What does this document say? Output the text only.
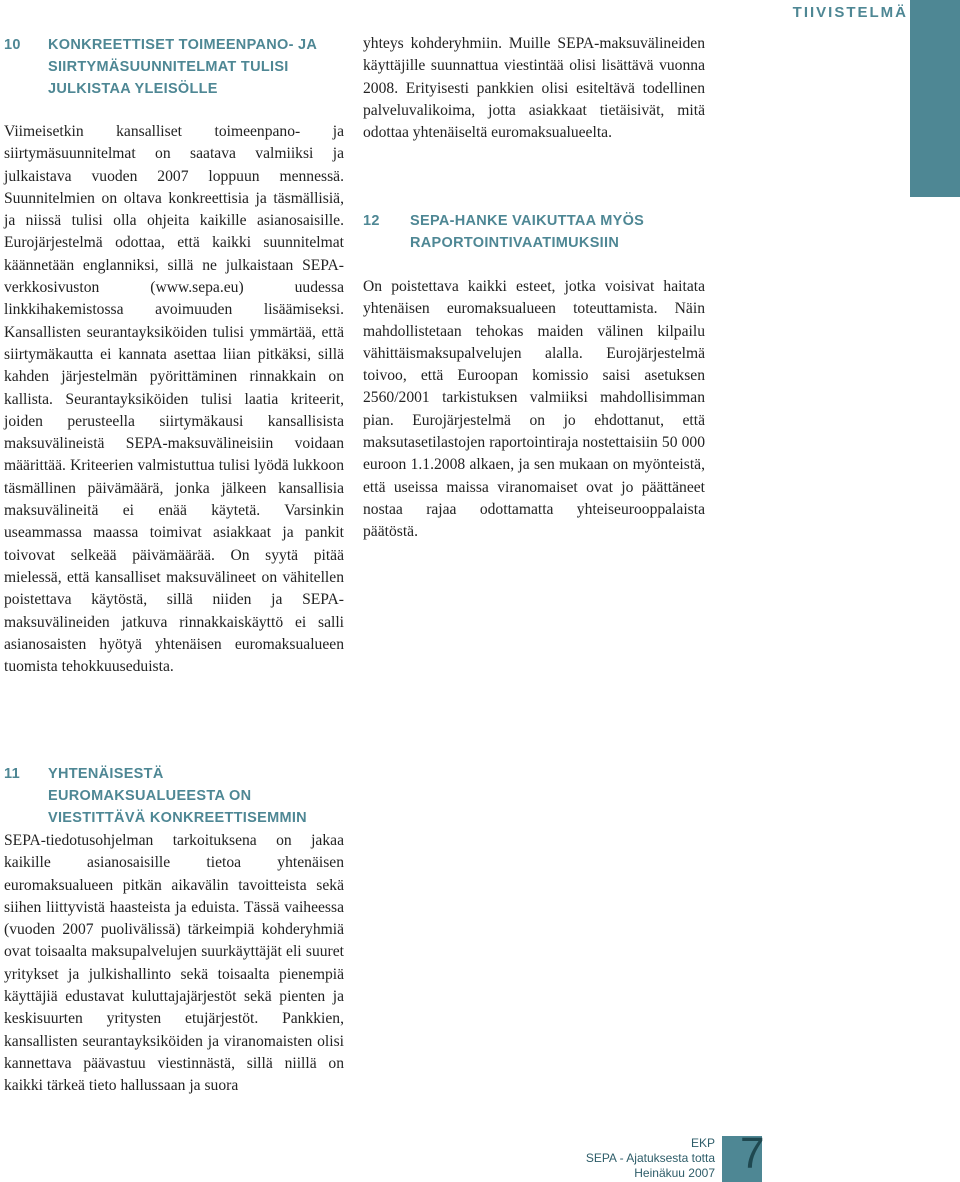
TIIVISTELMÄ
10	KONKREETTISET TOIMEENPANO- JA SIIRTYMÄSUUNNITELMAT TULISI JULKISTAA YLEISÖLLE

Viimeisetkin kansalliset toimeenpano- ja siirtymäsuunnitelmat on saatava valmiiksi ja julkaistava vuoden 2007 loppuun mennessä. Suunnitelmien on oltava konkreettisia ja täsmällisiä, ja niissä tulisi olla ohjeita kaikille asianosaisille. Eurojärjestelmä odottaa, että kaikki suunnitelmat käännetään englanniksi, sillä ne julkaistaan SEPA-verkkosivuston (www.sepa.eu) uudessa linkkihakemistossa avoimuuden lisäämiseksi. Kansallisten seurantayksiköiden tulisi ymmärtää, että siirtymäkautta ei kannata asettaa liian pitkäksi, sillä kahden järjestelmän pyörittäminen rinnakkain on kallista. Seurantayksiköiden tulisi laatia kriteerit, joiden perusteella siirtymäkausi kansallisista maksuvälineistä SEPA-maksuvälineisiin voidaan määrittää. Kriteerien valmistuttua tulisi lyödä lukkoon täsmällinen päivämäärä, jonka jälkeen kansallisia maksuvälineitä ei enää käytetä. Varsinkin useammassa maassa toimivat asiakkaat ja pankit toivovat selkeää päivämäärää. On syytä pitää mielessä, että kansalliset maksuvälineet on vähitellen poistettava käytöstä, sillä niiden ja SEPA-maksuvälineiden jatkuva rinnakkaiskäyttö ei salli asianosaisten hyötyä yhtenäisen euromaksualueen tuomista tehokkuuseduista.

yhteys kohderyhmiin. Muille SEPA-maksuvälineiden käyttäjille suunnattua viestintää olisi lisättävä vuonna 2008. Erityisesti pankkien olisi esiteltävä todellinen palveluvalikoima, jotta asiakkaat tietäisivät, mitä odottaa yhtenäiseltä euromaksualueelta.

12	SEPA-HANKE VAIKUTTAA MYÖS RAPORTOINTIVAATIMUKSIIN

On poistettava kaikki esteet, jotka voisivat haitata yhtenäisen euromaksualueen toteuttamista. Näin mahdollistetaan tehokas maiden välinen kilpailu vähittäismaksupalvelujen alalla. Eurojärjestelmä toivoo, että Euroopan komissio saisi asetuksen 2560/2001 tarkistuksen valmiiksi mahdollisimman pian. Eurojärjestelmä on jo ehdottanut, että maksutasetilastojen raportointiraja nostettaisiin 50 000 euroon 1.1.2008 alkaen, ja sen mukaan on myönteistä, että useissa maissa viranomaiset ovat jo päättäneet nostaa rajaa odottamatta yhteiseurooppalaista päätöstä.

11	YHTENÄISESTÄ EUROMAKSUALUEESTA ON VIESTITTÄVÄ KONKREETTISEMMIN

SEPA-tiedotusohjelman tarkoituksena on jakaa kaikille asianosaisille tietoa yhtenäisen euromaksualueen pitkän aikavälin tavoitteista sekä siihen liittyvistä haasteista ja eduista. Tässä vaiheessa (vuoden 2007 puolivälissä) tärkeimpiä kohderyhmiä ovat toisaalta maksupalvelujen suurkäyttäjät eli suuret yritykset ja julkishallinto sekä toisaalta pienempiä käyttäjiä edustavat kuluttajajärjestöt sekä pienten ja keskisuurten yritysten etujärjestöt. Pankkien, kansallisten seurantayksiköiden ja viranomaisten olisi kannettava päävastuu viestinnästä, sillä niillä on kaikki tärkeä tieto hallussaan ja suora

EKP
SEPA - Ajatuksesta totta
Heinäkuu 2007 7
